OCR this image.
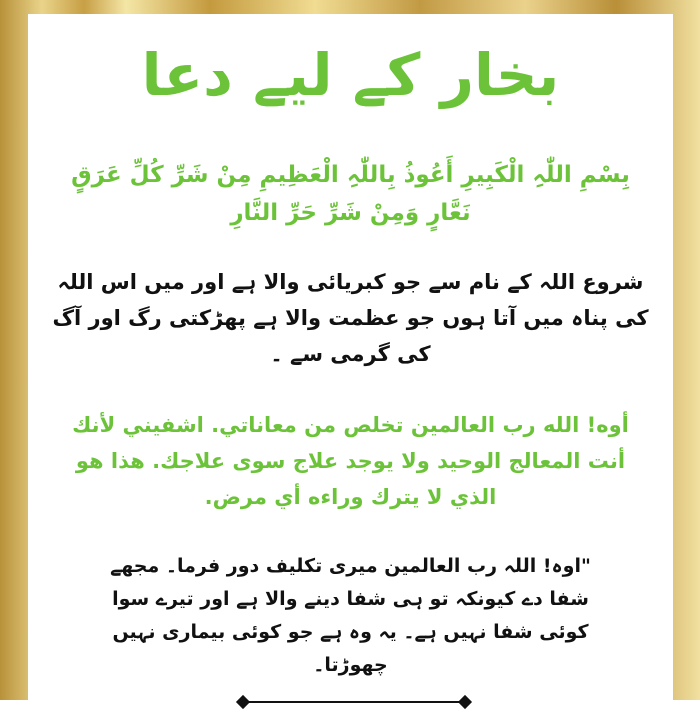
بخار کے لیے دعا
بِسْمِ اللّٰہِ الْکَبِیرِ أَعُوذُ بِاللّٰہِ الْعَظِیمِ مِنْ شَرِّ کُلِّ عَرَقٍ نَعَّارٍ وَمِنْ شَرِّ حَرِّ النَّارِ
شروع اللہ کے نام سے جو کبریائی والا ہے اور میں اس اللہ کی پناہ میں آتا ہوں جو عظمت والا ہے پھڑکتی رگ اور آگ کی گرمی سے ۔
أوه! الله رب العالمين تخلص من معاناتي. اشفيني لأنك أنت المعالج الوحيد ولا يوجد علاج سوى علاجك. هذا هو الذي لا يترك وراءه أي مرض.
"اوہ! اللہ رب العالمین میری تکلیف دور فرما۔ مجھے شفا دے کیونکہ تو ہی شفا دینے والا ہے اور تیرے سوا کوئی شفا نہیں ہے۔ یہ وہ ہے جو کوئی بیماری نہیں چھوڑتا۔
